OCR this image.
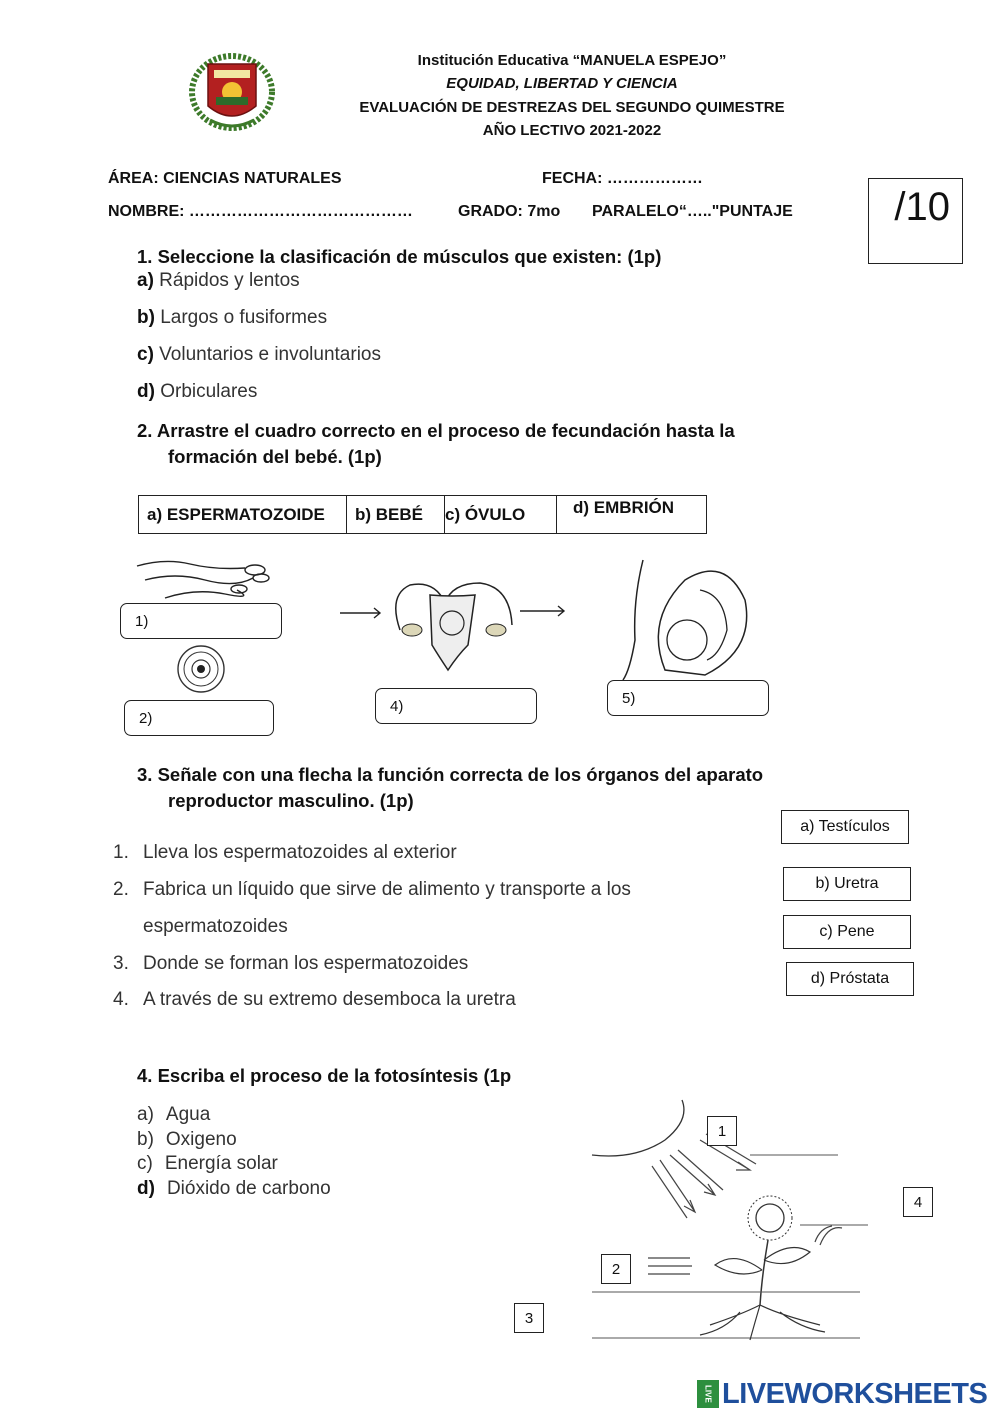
Institución Educativa “MANUELA ESPEJO”
EQUIDAD, LIBERTAD Y CIENCIA
EVALUACIÓN DE DESTREZAS DEL SEGUNDO QUIMESTRE
AÑO LECTIVO 2021-2022
ÁREA: CIENCIAS NATURALES	FECHA: ………………
NOMBRE: ……………………………………	GRADO: 7mo PARALELO“….."PUNTAJE	/10
1. Seleccione la clasificación de músculos que existen: (1p)
a) Rápidos y lentos
b) Largos o fusiformes
c) Voluntarios e involuntarios
d) Orbiculares
2. Arrastre el cuadro correcto en el proceso de fecundación hasta la
formación del bebé. (1p)
a) ESPERMATOZOIDE	b) BEBÉ	c) ÓVULO	d) EMBRIÓN
1)
2)
4)	5)
3. Señale con una flecha la función correcta de los órganos del aparato
reproductor masculino. (1p)
1. Lleva los espermatozoides al exterior
2. Fabrica un líquido que sirve de alimento y transporte a los
espermatozoides
3. Donde se forman los espermatozoides
4. A través de su extremo desemboca la uretra
a) Testículos
b) Uretra
c) Pene
d) Próstata
4. Escriba el proceso de la fotosíntesis (1p
a) Agua
b) Oxigeno
c) Energía solar
d) Dióxido de carbono
1
2
3
4
LIVE LIVEWORKSHEETS
